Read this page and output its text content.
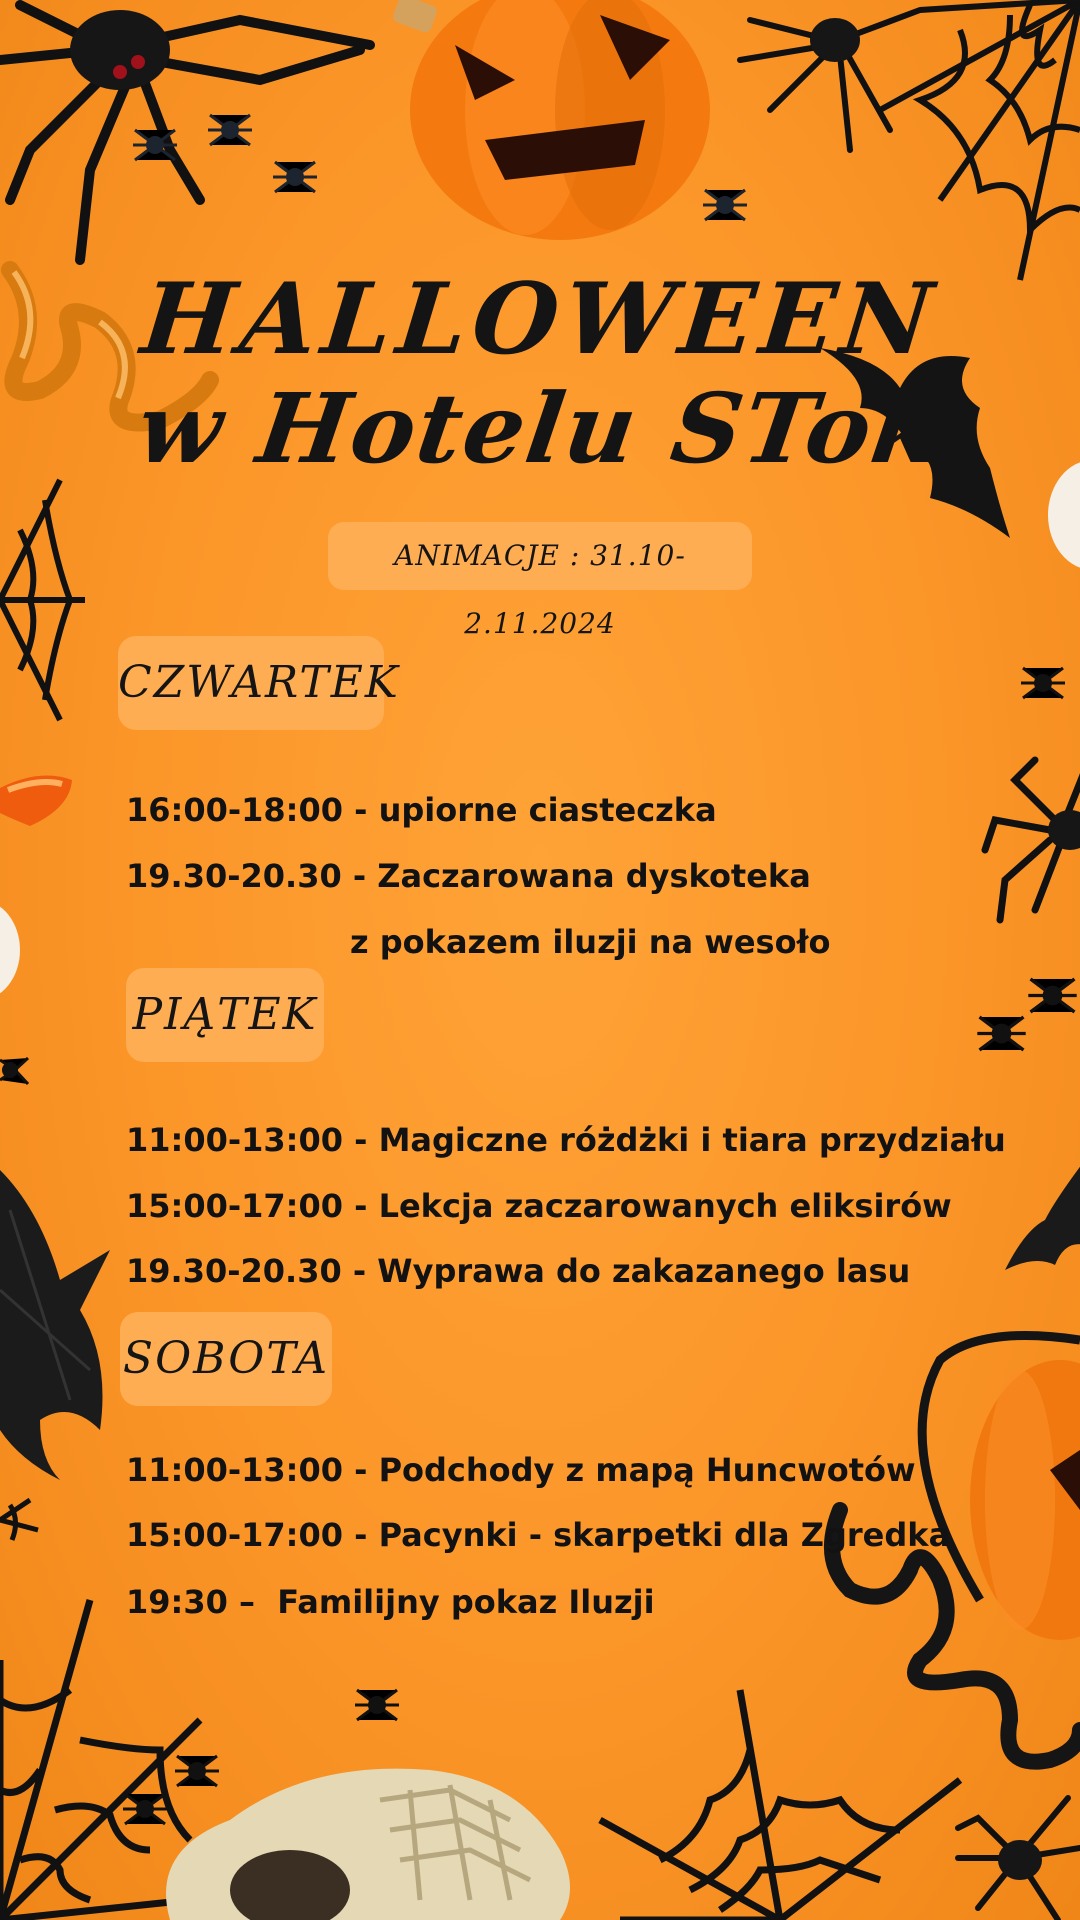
HALLOWEEN
w Hotelu STok
ANIMACJE : 31.10-2.11.2024
CZWARTEK

16:00-18:00 - upiorne ciasteczka

19.30-20.30 - Zaczarowana dyskoteka

z pokazem iluzji na wesoło

PIĄTEK

11:00-13:00 - Magiczne różdżki i tiara przydziału

15:00-17:00 - Lekcja zaczarowanych eliksirów

19.30-20.30 - Wyprawa do zakazanego lasu

SOBOTA

11:00-13:00 - Podchody z mapą Huncwotów

15:00-17:00 - Pacynki - skarpetki dla Zgredka

19:30 –  Familijny pokaz Iluzji
